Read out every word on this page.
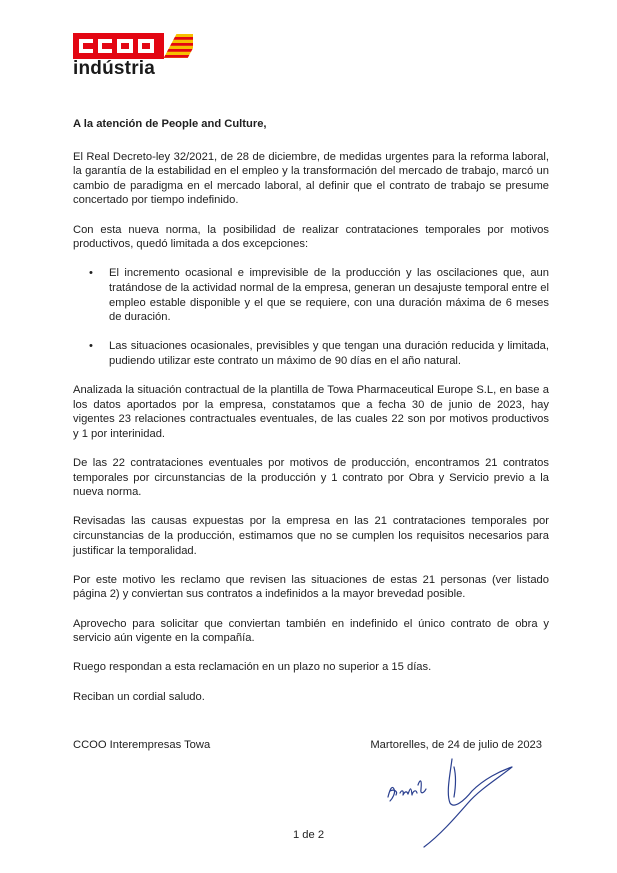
indústria

A la atención de People and Culture,

El Real Decreto-ley 32/2021, de 28 de diciembre, de medidas urgentes para la reforma laboral, la garantía de la estabilidad en el empleo y la transformación del mercado de trabajo, marcó un cambio de paradigma en el mercado laboral, al definir que el contrato de trabajo se presume concertado por tiempo indefinido.

Con esta nueva norma, la posibilidad de realizar contrataciones temporales por motivos productivos, quedó limitada a dos excepciones:

• El incremento ocasional e imprevisible de la producción y las oscilaciones que, aun tratándose de la actividad normal de la empresa, generan un desajuste temporal entre el empleo estable disponible y el que se requiere, con una duración máxima de 6 meses de duración.
• Las situaciones ocasionales, previsibles y que tengan una duración reducida y limitada, pudiendo utilizar este contrato un máximo de 90 días en el año natural.

Analizada la situación contractual de la plantilla de Towa Pharmaceutical Europe S.L, en base a los datos aportados por la empresa, constatamos que a fecha 30 de junio de 2023, hay vigentes 23 relaciones contractuales eventuales, de las cuales 22 son por motivos productivos y 1 por interinidad.

De las 22 contrataciones eventuales por motivos de producción, encontramos 21 contratos temporales por circunstancias de la producción y 1 contrato por Obra y Servicio previo a la nueva norma.

Revisadas las causas expuestas por la empresa en las 21 contrataciones temporales por circunstancias de la producción, estimamos que no se cumplen los requisitos necesarios para justificar la temporalidad.

Por este motivo les reclamo que revisen las situaciones de estas 21 personas (ver listado página 2) y conviertan sus contratos a indefinidos a la mayor brevedad posible.

Aprovecho para solicitar que conviertan también en indefinido el único contrato de obra y servicio aún vigente en la compañía.

Ruego respondan a esta reclamación en un plazo no superior a 15 días.

Reciban un cordial saludo.

CCOO Interempresas Towa	Martorelles, de 24 de julio de 2023
1 de 2
